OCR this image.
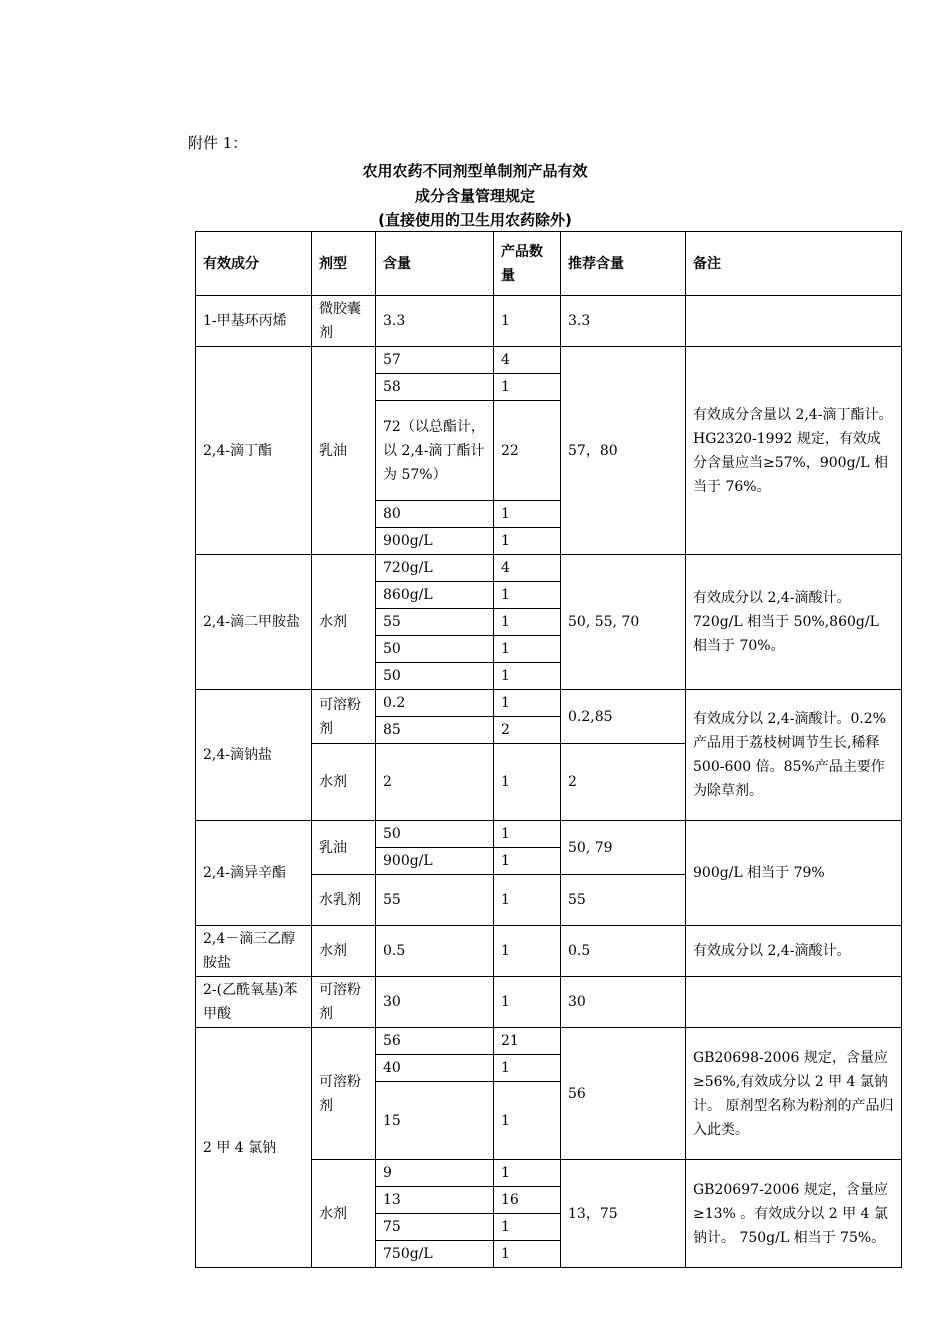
附件 1：
农用农药不同剂型单制剂产品有效
成分含量管理规定
(直接使用的卫生用农药除外)
有效成分	剂型	含量	产品数量	推荐含量	备注
1-甲基环丙烯	微胶囊剂	3.3	1	3.3	
2,4-滴丁酯	乳油	57	4	57，80	有效成分含量以 2,4-滴丁酯计。HG2320-1992 规定，有效成分含量应当≥57%，900g/L 相当于 76%。
		58	1		
		72（以总酯计，以 2,4-滴丁酯计为 57%）	22		
		80	1		
		900g/L	1		
2,4-滴二甲胺盐	水剂	720g/L	4	50, 55, 70	有效成分以 2,4-滴酸计。720g/L 相当于 50%,860g/L 相当于 70%。
		860g/L	1		
		55	1		
		50	1		
		50	1		
2,4-滴钠盐	可溶粉剂	0.2	1	0.2,85	有效成分以 2,4-滴酸计。0.2%产品用于荔枝树调节生长,稀释 500-600 倍。85%产品主要作为除草剂。
		85	2		
	水剂	2	1	2	
2,4-滴异辛酯	乳油	50	1	50, 79	900g/L 相当于 79%
		900g/L	1		
	水乳剂	55	1	55	
2,4－滴三乙醇胺盐	水剂	0.5	1	0.5	有效成分以 2,4-滴酸计。
2-(乙酰氧基)苯甲酸	可溶粉剂	30	1	30	
2 甲 4 氯钠	可溶粉剂	56	21	56	GB20698-2006 规定，含量应 ≥56%,有效成分以 2 甲 4 氯钠计。 原剂型名称为粉剂的产品归入此类。
		40	1		
		15	1		
	水剂	9	1	13，75	GB20697-2006 规定，含量应 ≥13% 。有效成分以 2 甲 4 氯钠计。 750g/L 相当于 75%。
		13	16		
		75	1		
		750g/L	1		
